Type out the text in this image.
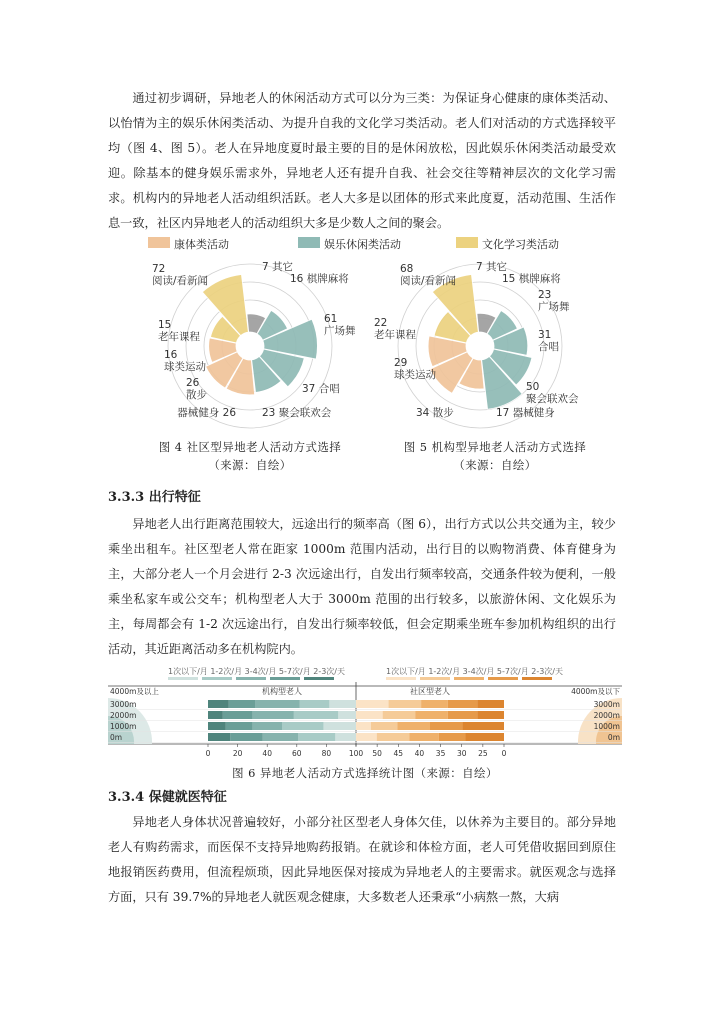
通过初步调研，异地老人的休闲活动方式可以分为三类：为保证身心健康的康体类活动、以怡情为主的娱乐休闲类活动、为提升自我的文化学习类活动。老人们对活动的方式选择较平均（图 4、图 5）。老人在异地度夏时最主要的目的是休闲放松，因此娱乐休闲类活动最受欢迎。除基本的健身娱乐需求外，异地老人还有提升自我、社会交往等精神层次的文化学习需求。机构内的异地老人活动组织活跃。老人大多是以团体的形式来此度夏，活动范围、生活作息一致，社区内异地老人的活动组织大多是少数人之间的聚会。

康体类活动	娱乐休闲类活动	文化学习类活动
7 其它
16 棋牌麻将
61 广场舞
37 合唱
23 聚会联欢会
器械健身 26
26 散步
16 球类运动
15 老年课程
72 阅读/看新闻
图 4 社区型异地老人活动方式选择
（来源：自绘）
7 其它
15 棋牌麻将
23 广场舞
31 合唱
50 聚会联欢会
17 器械健身
34 散步
29 球类运动
22 老年课程
68 阅读/看新闻
图 5 机构型异地老人活动方式选择
（来源：自绘）
3.3.3 出行特征

异地老人出行距离范围较大，远途出行的频率高（图 6），出行方式以公共交通为主，较少乘坐出租车。社区型老人常在距家 1000m 范围内活动，出行目的以购物消费、体育健身为主，大部分老人一个月会进行 2-3 次远途出行，自发出行频率较高，交通条件较为便利，一般乘坐私家车或公交车；机构型老人大于 3000m 范围的出行较多，以旅游休闲、文化娱乐为主，每周都会有 1-2 次远途出行，自发出行频率较低，但会定期乘坐班车参加机构组织的出行活动，其近距离活动多在机构院内。

1次以下/月 1-2次/月 3-4次/月 5-7次/月 2-3次/天	1次以下/月 1-2次/月 3-4次/月 5-7次/月 2-3次/天
机构型老人	社区型老人
4000m及以上	4000m及以下
3000m	3000m
2000m	2000m
1000m	1000m
0m	0m
0	20	40	60	80 100 50 45 40 35 30 25 0
图 6 异地老人活动方式选择统计图（来源：自绘）
3.3.4 保健就医特征

异地老人身体状况普遍较好，小部分社区型老人身体欠佳，以休养为主要目的。部分异地老人有购药需求，而医保不支持异地购药报销。在就诊和体检方面，老人可凭借收据回到原住地报销医药费用，但流程烦琐，因此异地医保对接成为异地老人的主要需求。就医观念与选择方面，只有 39.7%的异地老人就医观念健康，大多数老人还秉承“小病熬一熬，大病
